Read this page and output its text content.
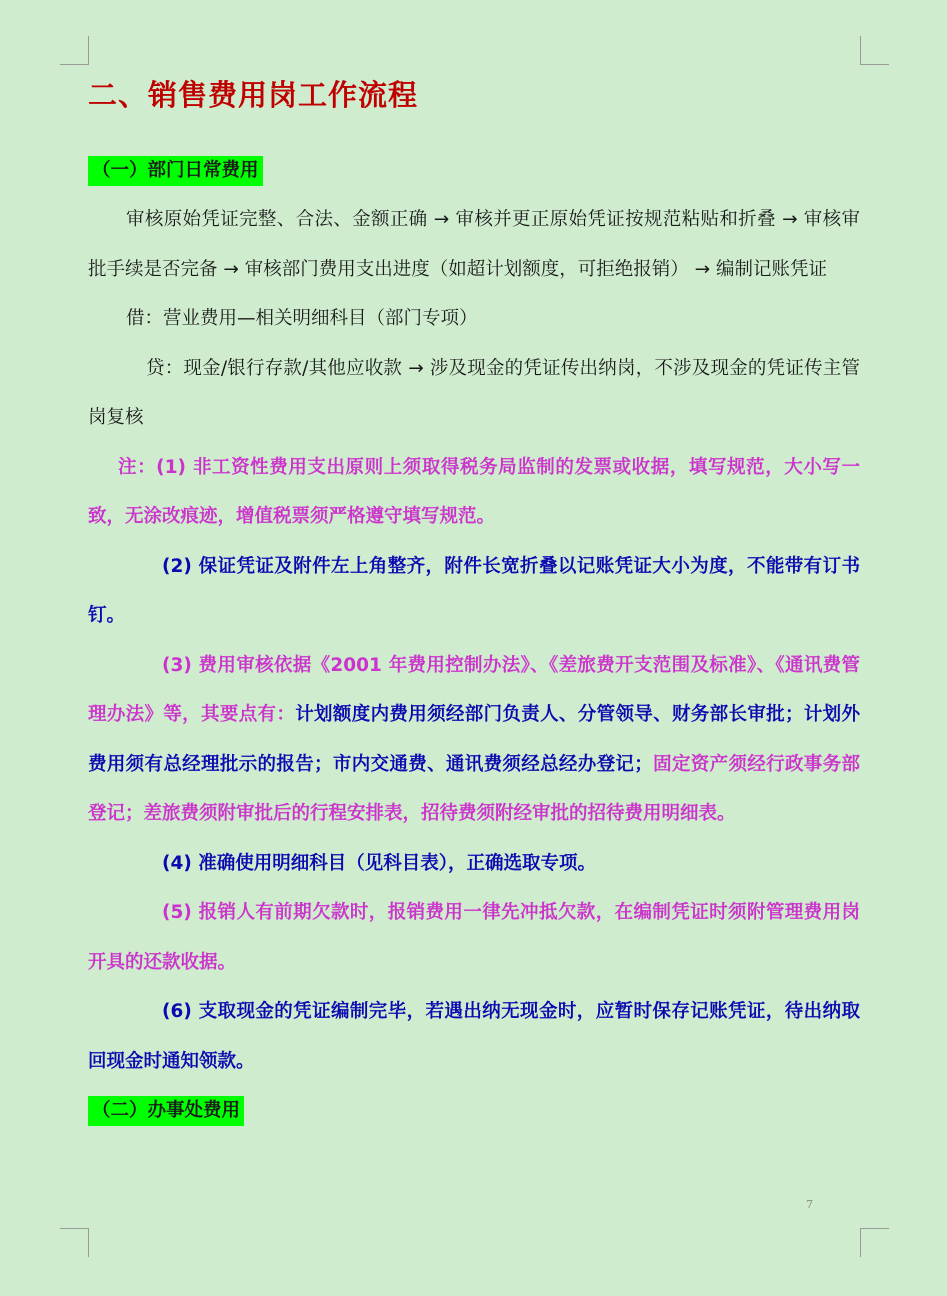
二、销售费用岗工作流程
（一）部门日常费用

审核原始凭证完整、合法、金额正确 → 审核并更正原始凭证按规范粘贴和折叠 → 审核审批手续是否完备 → 审核部门费用支出进度（如超计划额度，可拒绝报销） → 编制记账凭证

借：营业费用—相关明细科目（部门专项）

贷：现金/银行存款/其他应收款 → 涉及现金的凭证传出纳岗，不涉及现金的凭证传主管岗复核

注：(1) 非工资性费用支出原则上须取得税务局监制的发票或收据，填写规范，大小写一致，无涂改痕迹，增值税票须严格遵守填写规范。

(2) 保证凭证及附件左上角整齐，附件长宽折叠以记账凭证大小为度，不能带有订书钉。

(3) 费用审核依据《2001 年费用控制办法》、《差旅费开支范围及标准》、《通讯费管理办法》等，其要点有：计划额度内费用须经部门负责人、分管领导、财务部长审批；计划外费用须有总经理批示的报告；市内交通费、通讯费须经总经办登记；固定资产须经行政事务部登记；差旅费须附审批后的行程安排表，招待费须附经审批的招待费用明细表。

(4) 准确使用明细科目（见科目表），正确选取专项。

(5) 报销人有前期欠款时，报销费用一律先冲抵欠款，在编制凭证时须附管理费用岗开具的还款收据。

(6) 支取现金的凭证编制完毕，若遇出纳无现金时，应暂时保存记账凭证，待出纳取回现金时通知领款。

（二）办事处费用
7
